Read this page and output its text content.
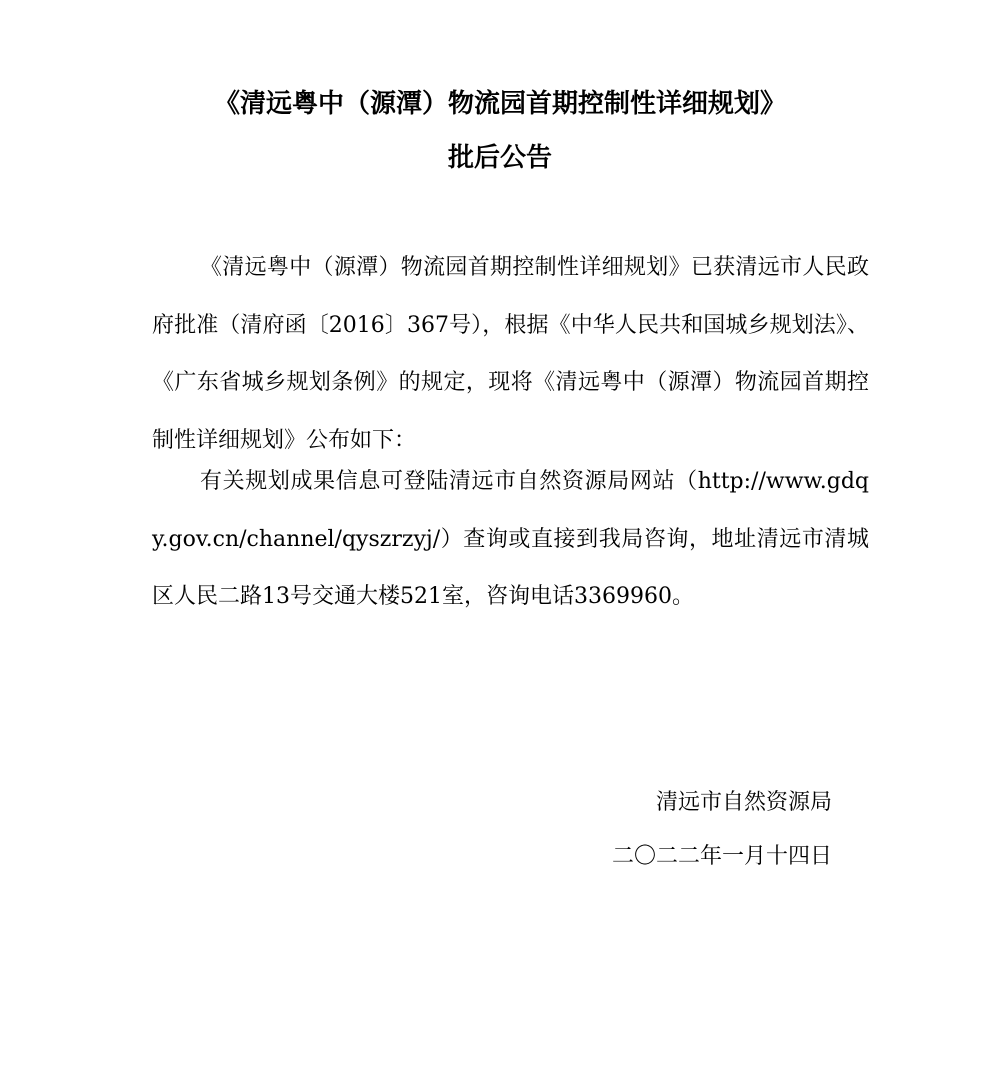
《清远粤中（源潭）物流园首期控制性详细规划》
批后公告

《清远粤中（源潭）物流园首期控制性详细规划》已获清远市人民政府批准（清府函〔2016〕367号），根据《中华人民共和国城乡规划法》、《广东省城乡规划条例》的规定，现将《清远粤中（源潭）物流园首期控制性详细规划》公布如下：

有关规划成果信息可登陆清远市自然资源局网站（http://www.gdqy.gov.cn/channel/qyszrzyj/）查询或直接到我局咨询，地址清远市清城区人民二路13号交通大楼521室，咨询电话3369960。

清远市自然资源局

二〇二二年一月十四日
